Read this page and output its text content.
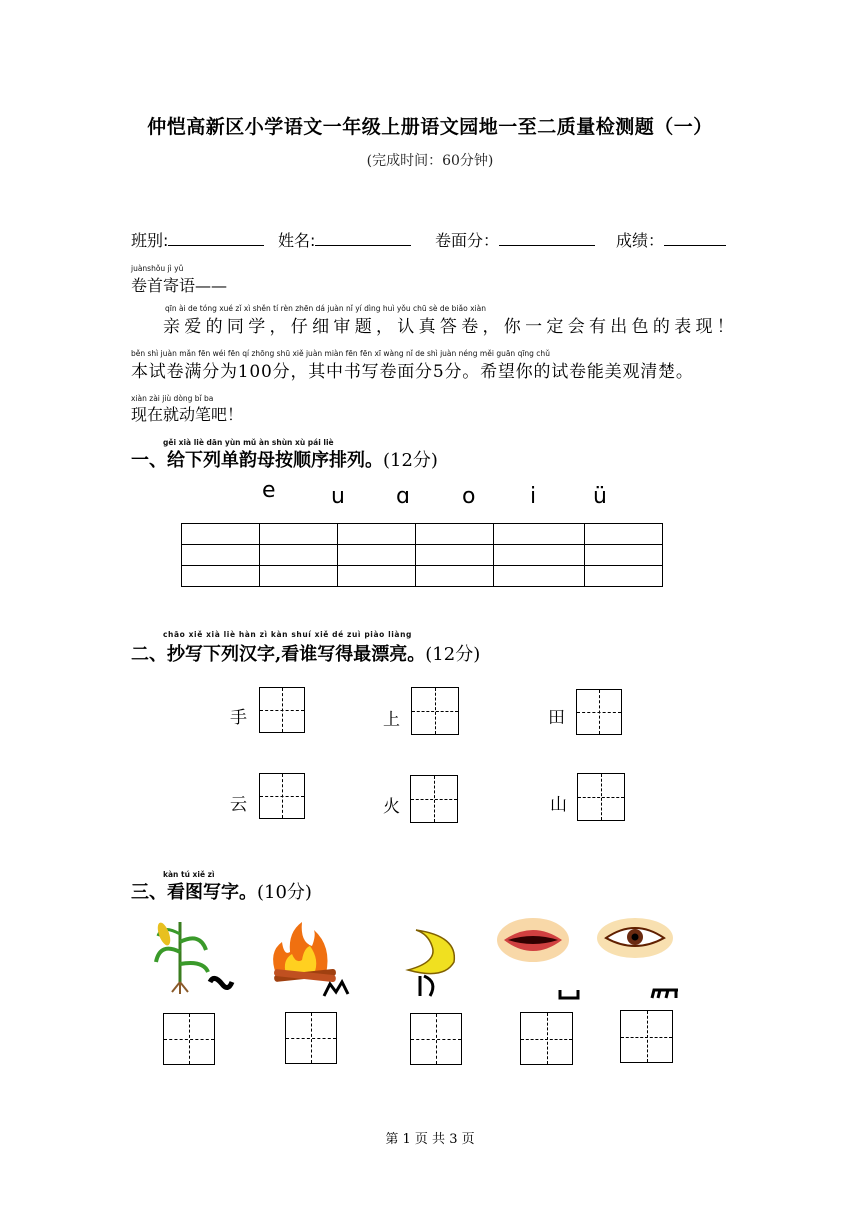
仲恺高新区小学语文一年级上册语文园地一至二质量检测题（一）
(完成时间：60分钟)
班别:	姓名:	卷面分：	成绩：
juànshǒu jì yǔ
卷首寄语——
qīn ài de tóng xué zǐ xì shěn tí rèn zhēn dá juàn nǐ yí dìng huì yǒu chū sè de biǎo xiàn
亲爱的同学，仔细审题，认真答卷，你一定会有出色的表现！
běn shì juàn mǎn fēn wéi fēn qí zhōng shū xiě juàn miàn fēn fēn xī wàng nǐ de shì juàn néng měi guān qīng chǔ
本试卷满分为100分，其中书写卷面分5分。希望你的试卷能美观清楚。
xiàn zài jiù dòng bǐ ba
现在就动笔吧！
gěi xià liè dān yùn mǔ àn shùn xù pái liè
一、给下列单韵母按顺序排列。(12分)
e	u ɑ o i	ü

chāo xiě xià liè hàn zì kàn shuí xiě dé zuì piào liàng
二、抄写下列汉字,看谁写得最漂亮。(12分)
手	上	田
云	火	山
kàn tú xiě zì
三、看图写字。(10分)
第 1 页 共 3 页
